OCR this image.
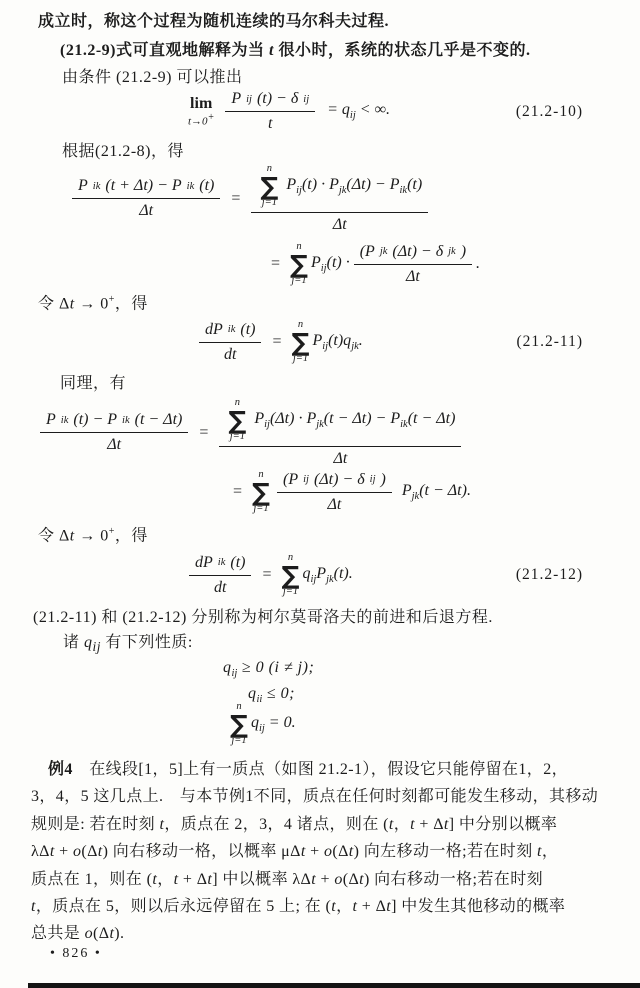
成立时，称这个过程为随机连续的马尔科夫过程.
(21.2-9)式可直观地解释为当 t 很小时，系统的状态几乎是不变的.
由条件 (21.2-9) 可以推出
lim
$t\to 0^+ \frac{\text{P ij (t) − δ ij}}{t} = q_{ij}$ < ∞.	(21.2-10)
根据(21.2-8)，得
$\frac{\text{P ik (t + Δt) − P ik (t)}}{\Delta t}$ =
n
∑
j=1
$P_{ij}(t) \cdot P_{jk}(\Delta t) - P_{ik}(t)$
Δt
=
n
∑
j=1
$P_{ij}(t) \cdot \frac{\text{(P jk (Δt) − δ jk )}}{\Delta t}$ .
令 Δt → 0+，得
$\frac{\text{dP ik (t)}}{dt}$ =
n
∑
j=1
$P_{ij}(t)q_{jk}$.	(21.2-11)
同理，有
$\frac{\text{P ik (t) − P ik (t − Δt)}}{\Delta t}$ =
n
∑
j=1
$P_{ij}(\Delta t) \cdot P_{jk}(t - \Delta t) - P_{ik}(t - \Delta t)$
Δt
=
n
∑
$j=1 \frac{\text{(P ij (Δt) − δ ij )}}{\Delta t} P_{jk}(t - \Delta t)$.
令 Δt → 0+，得
$\frac{\text{dP ik (t)}}{dt}$ =
n
∑
j=1
$q_{ij}P_{jk}(t)$.	(21.2-12)
(21.2-11) 和 (21.2-12) 分别称为柯尔莫哥洛夫的前进和后退方程.
诸 $q_{ij}$ 有下列性质:
$q_{ij} \ge 0$ (i ≠ j);
$q_{ii} \le 0$;
n
∑
j=1
$q_{ij} = 0$.
例4　在线段[1，5]上有一质点（如图 21.2-1），假设它只能停留在1，2，
3，4，5 这几点上.　与本节例1不同，质点在任何时刻都可能发生移动，其移动
规则是: 若在时刻 t，质点在 2，3，4 诸点，则在 (t，t + Δt] 中分别以概率
λΔt + o(Δt) 向右移动一格，以概率 μΔt + o(Δt) 向左移动一格;若在时刻 t，
质点在 1，则在 (t，t + Δt] 中以概率 λΔt + o(Δt) 向右移动一格;若在时刻
t，质点在 5，则以后永远停留在 5 上; 在 (t，t + Δt] 中发生其他移动的概率
总共是 o(Δt).
• 826 •
